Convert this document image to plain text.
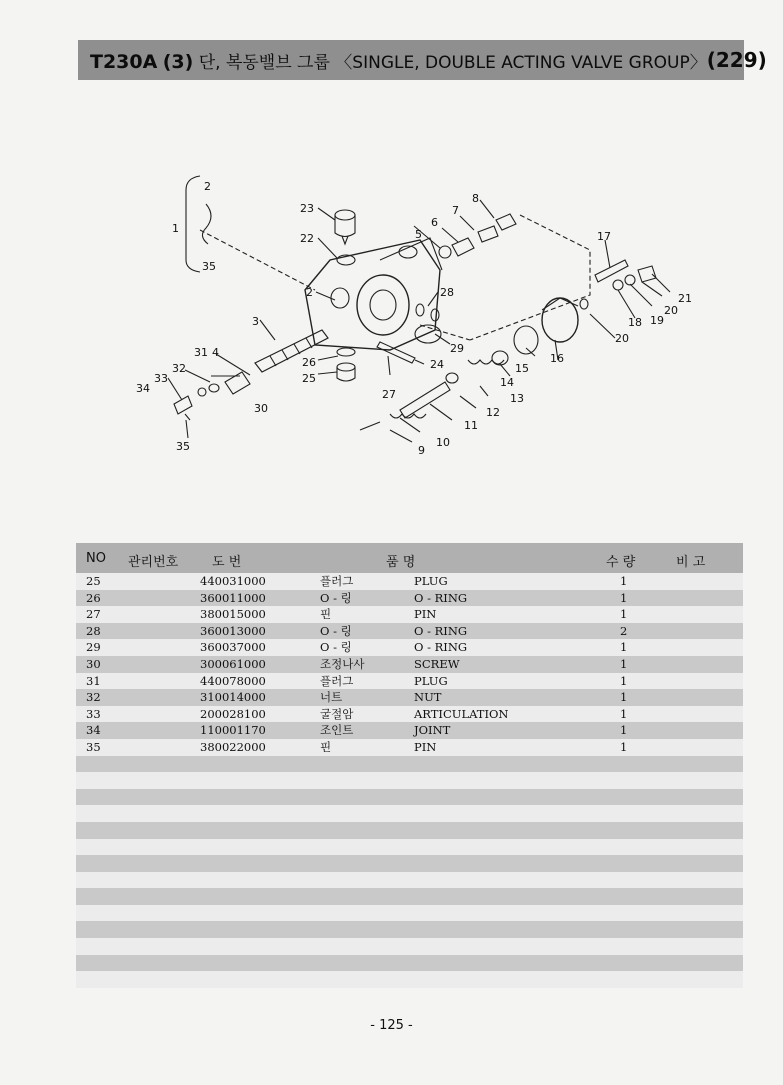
T230A (3) 단, 복동밸브 그룹 〈SINGLE, DOUBLE ACTING VALVE GROUP〉 (229)
2
1
35
23
22
2
3
4
31
32
33
34
35
30
26
25
27
24
29
28
5
6
7
8
17
14
15
16
13
12
11
10
9
20
18 19
20
21
NO 관리번호	도 번	품 명	수 량	비 고
25	440031000	플러그	PLUG	1
26	360011000	O - 링	O - RING	1
27	380015000	핀	PIN	1
28	360013000	O - 링	O - RING	2
29	360037000	O - 링	O - RING	1
30	300061000	조정나사	SCREW	1
31	440078000	플러그	PLUG	1
32	310014000	너트	NUT	1
33	200028100	굴절암	ARTICULATION	1
34	110001170	조인트	JOINT	1
35	380022000	핀	PIN	1
- 125 -
